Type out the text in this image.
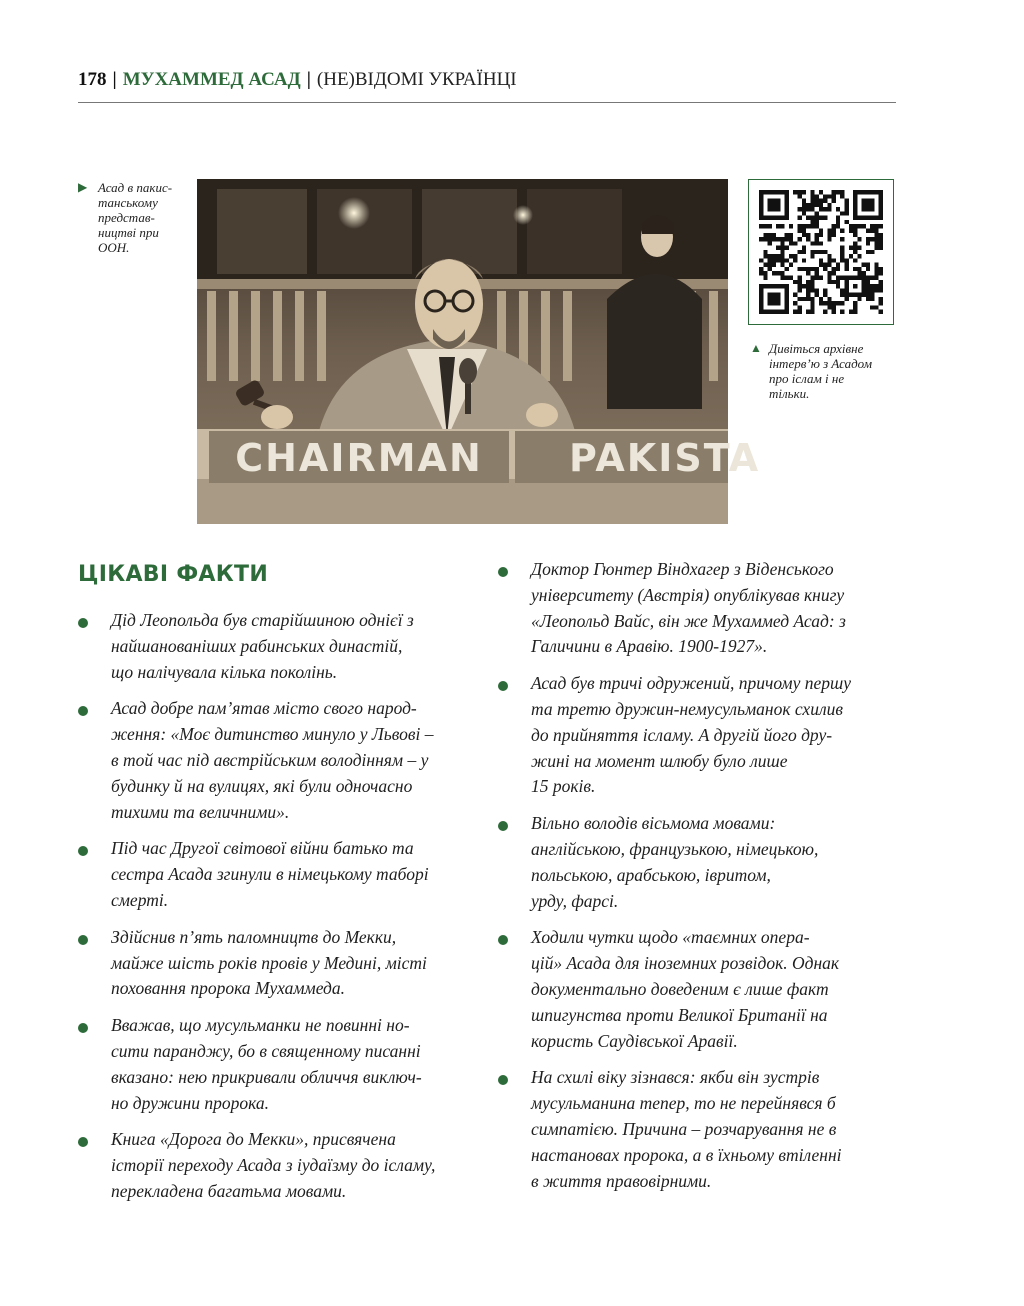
178 | МУХАММЕД АСАД | (НЕ)ВІДОМІ УКРАЇНЦІ
▶ Асад в пакис-
танському
представ-
ництві при
ООН.
CHAIRMAN PAKISTA
▲ Дивіться архівне
інтерв’ю з Асадом
про іслам і не
тільки.
ЦІКАВІ ФАКТИ
Дід Леопольда був старійшиною однієї з
найшанованіших рабинських династій,
що налічувала кілька поколінь.
Асад добре пам’ятав місто свого народ-
ження: «Моє дитинство минуло у Львові –
в той час під австрійським володінням – у
будинку й на вулицях, які були одночасно
тихими та величними».
Під час Другої світової війни батько та
сестра Асада згинули в німецькому таборі
смерті.
Здійснив п’ять паломництв до Мекки,
майже шість років провів у Медині, місті
поховання пророка Мухаммеда.
Вважав, що мусульманки не повинні но-
сити паранджу, бо в священному писанні
вказано: нею прикривали обличчя виключ-
но дружини пророка.
Книга «Дорога до Мекки», присвячена
історії переходу Асада з іудаїзму до ісламу,
перекладена багатьма мовами.
Доктор Гюнтер Віндхагер з Віденського
університету (Австрія) опублікував книгу
«Леопольд Вайс, він же Мухаммед Асад: з
Галичини в Аравію. 1900-1927».
Асад був тричі одружений, причому першу
та третю дружин-немусульманок схилив
до прийняття ісламу. А другій його дру-
жині на момент шлюбу було лише
15 років.
Вільно володів вісьмома мовами:
англійською, французькою, німецькою,
польською, арабською, івритом,
урду, фарсі.
Ходили чутки щодо «таємних опера-
цій» Асада для іноземних розвідок. Однак
документально доведеним є лише факт
шпигунства проти Великої Британії на
користь Саудівської Аравії.
На схилі віку зізнався: якби він зустрів
мусульманина тепер, то не перейнявся б
симпатією. Причина – розчарування не в
настановах пророка, а в їхньому втіленні
в життя правовірними.
